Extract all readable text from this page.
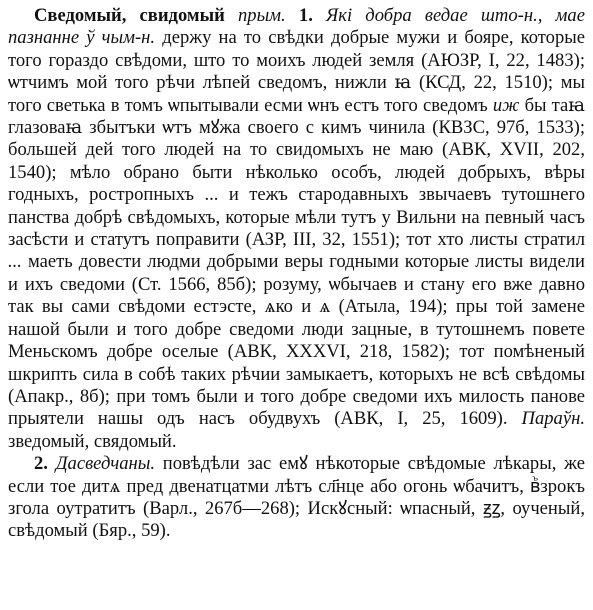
Сведомый, свидомый прым. 1. Які добра ведае што-н., мае пазнанне ў чым-н. держу на то свѣдки добрые мужи и бояре, которые того гораздо свѣдоми, што то моихъ людей земля (АЮЗР, І, 22, 1483); ѡтчимъ мой того рѣчи лѣпей сведомъ, нижли ꙗ (КСД, 22, 1510); мы того светька в томъ ѡпытывали есми ѡнъ естъ того сведомъ иж бы таꙗ глазоваꙗ збытъки ѡтъ мꙋжа своего с кимъ чинила (КВЗС, 97б, 1533); большей дей того людей на то свидомыхъ не маю (АВК, XVII, 202, 1540); мѣло обрано быти нѣколько особъ, людей добрыхъ, вѣры годныхъ, ростропныхъ ... и тежъ стародавныхъ звычаевъ тутошнего панства добрѣ свѣдомыхъ, которые мѣли тутъ у Вильни на певный часъ засѣсти и статутъ поправити (АЗР, III, 32, 1551); тот хто листы стратил ... маеть довести людми добрыми веры годными которые листы видели и ихъ сведоми (Ст. 1566, 85б); розуму, ѡбычаев и стану его вже давно так вы сами свѣдоми естэсте, ѧко и ѧ (Атыла, 194); пры той замене нашой были и того добре сведоми люди зацные, в тутошнемъ повете Меньскомъ добре оселые (АВК, XXXVI, 218, 1582); тот помѣненый шкрипть сила в собѣ таких рѣчии замыкаетъ, которыхъ не всѣ свѣдомы (Апакр., 8б); при томъ были и того добре сведоми ихъ милость панове прыятели нашы одъ насъ обудвухъ (АВК, І, 25, 1609). Параўн. зведомый, свядомый.

2. Дасведчаны. повѣдѣли зас емꙋ нѣкоторые свѣдомые лѣкары, же если тое дитѧ пред двенатцатми лѣтъ сл҃нце або огонь ѡбачитъ, вꙸзрокъ згола оутратитъ (Варл., 267б—268); Искꙋсный: ѡпасный, ꙃꙁ, оученый, свѣдомый (Бяр., 59).
